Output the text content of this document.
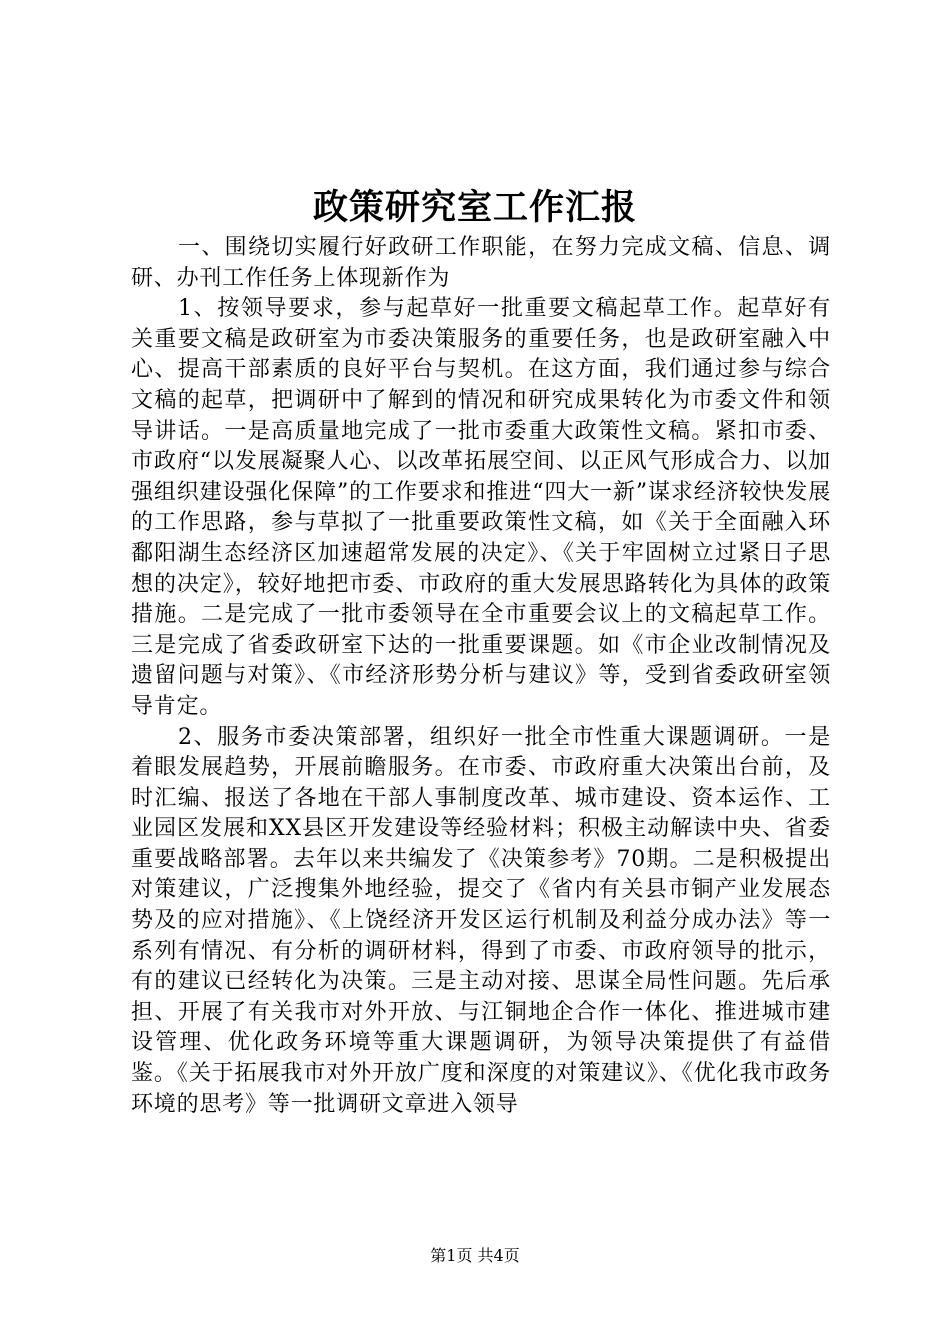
政策研究室工作汇报

一、围绕切实履行好政研工作职能，在努力完成文稿、信息、调研、办刊工作任务上体现新作为

1、按领导要求，参与起草好一批重要文稿起草工作。起草好有关重要文稿是政研室为市委决策服务的重要任务，也是政研室融入中心、提高干部素质的良好平台与契机。在这方面，我们通过参与综合文稿的起草，把调研中了解到的情况和研究成果转化为市委文件和领导讲话。一是高质量地完成了一批市委重大政策性文稿。紧扣市委、市政府“以发展凝聚人心、以改革拓展空间、以正风气形成合力、以加强组织建设强化保障”的工作要求和推进“四大一新”谋求经济较快发展的工作思路，参与草拟了一批重要政策性文稿，如《关于全面融入环鄱阳湖生态经济区加速超常发展的决定》、《关于牢固树立过紧日子思想的决定》，较好地把市委、市政府的重大发展思路转化为具体的政策措施。二是完成了一批市委领导在全市重要会议上的文稿起草工作。三是完成了省委政研室下达的一批重要课题。如《市企业改制情况及遗留问题与对策》、《市经济形势分析与建议》等，受到省委政研室领导肯定。

2、服务市委决策部署，组织好一批全市性重大课题调研。一是着眼发展趋势，开展前瞻服务。在市委、市政府重大决策出台前，及时汇编、报送了各地在干部人事制度改革、城市建设、资本运作、工业园区发展和XX县区开发建设等经验材料；积极主动解读中央、省委重要战略部署。去年以来共编发了《决策参考》70期。二是积极提出对策建议，广泛搜集外地经验，提交了《省内有关县市铜产业发展态势及的应对措施》、《上饶经济开发区运行机制及利益分成办法》等一系列有情况、有分析的调研材料，得到了市委、市政府领导的批示，有的建议已经转化为决策。三是主动对接、思谋全局性问题。先后承担、开展了有关我市对外开放、与江铜地企合作一体化、推进城市建设管理、优化政务环境等重大课题调研，为领导决策提供了有益借鉴。《关于拓展我市对外开放广度和深度的对策建议》、《优化我市政务环境的思考》等一批调研文章进入领导

第1页 共4页
